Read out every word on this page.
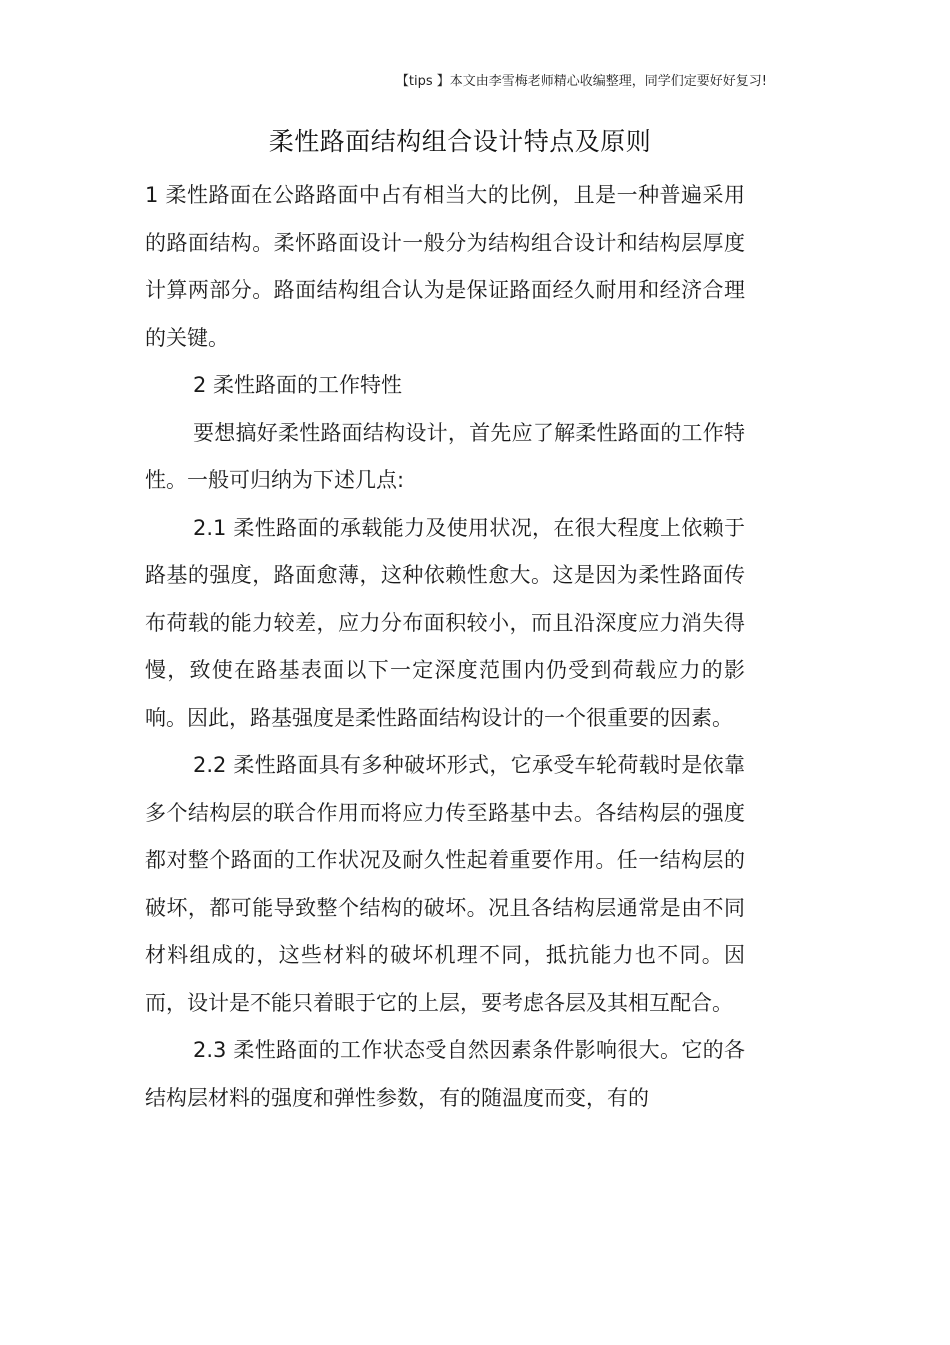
【tips 】本文由李雪梅老师精心收编整理，同学们定要好好复习!
柔性路面结构组合设计特点及原则

1 柔性路面在公路路面中占有相当大的比例，且是一种普遍采用的路面结构。柔怀路面设计一般分为结构组合设计和结构层厚度计算两部分。路面结构组合认为是保证路面经久耐用和经济合理的关键。

2 柔性路面的工作特性

要想搞好柔性路面结构设计，首先应了解柔性路面的工作特性。一般可归纳为下述几点:

2.1 柔性路面的承载能力及使用状况，在很大程度上依赖于路基的强度，路面愈薄，这种依赖性愈大。这是因为柔性路面传布荷载的能力较差，应力分布面积较小，而且沿深度应力消失得慢，致使在路基表面以下一定深度范围内仍受到荷载应力的影响。因此，路基强度是柔性路面结构设计的一个很重要的因素。

2.2 柔性路面具有多种破坏形式，它承受车轮荷载时是依靠多个结构层的联合作用而将应力传至路基中去。各结构层的强度都对整个路面的工作状况及耐久性起着重要作用。任一结构层的破坏，都可能导致整个结构的破坏。况且各结构层通常是由不同材料组成的，这些材料的破坏机理不同，抵抗能力也不同。因而，设计是不能只着眼于它的上层，要考虑各层及其相互配合。

2.3 柔性路面的工作状态受自然因素条件影响很大。它的各结构层材料的强度和弹性参数，有的随温度而变，有的
